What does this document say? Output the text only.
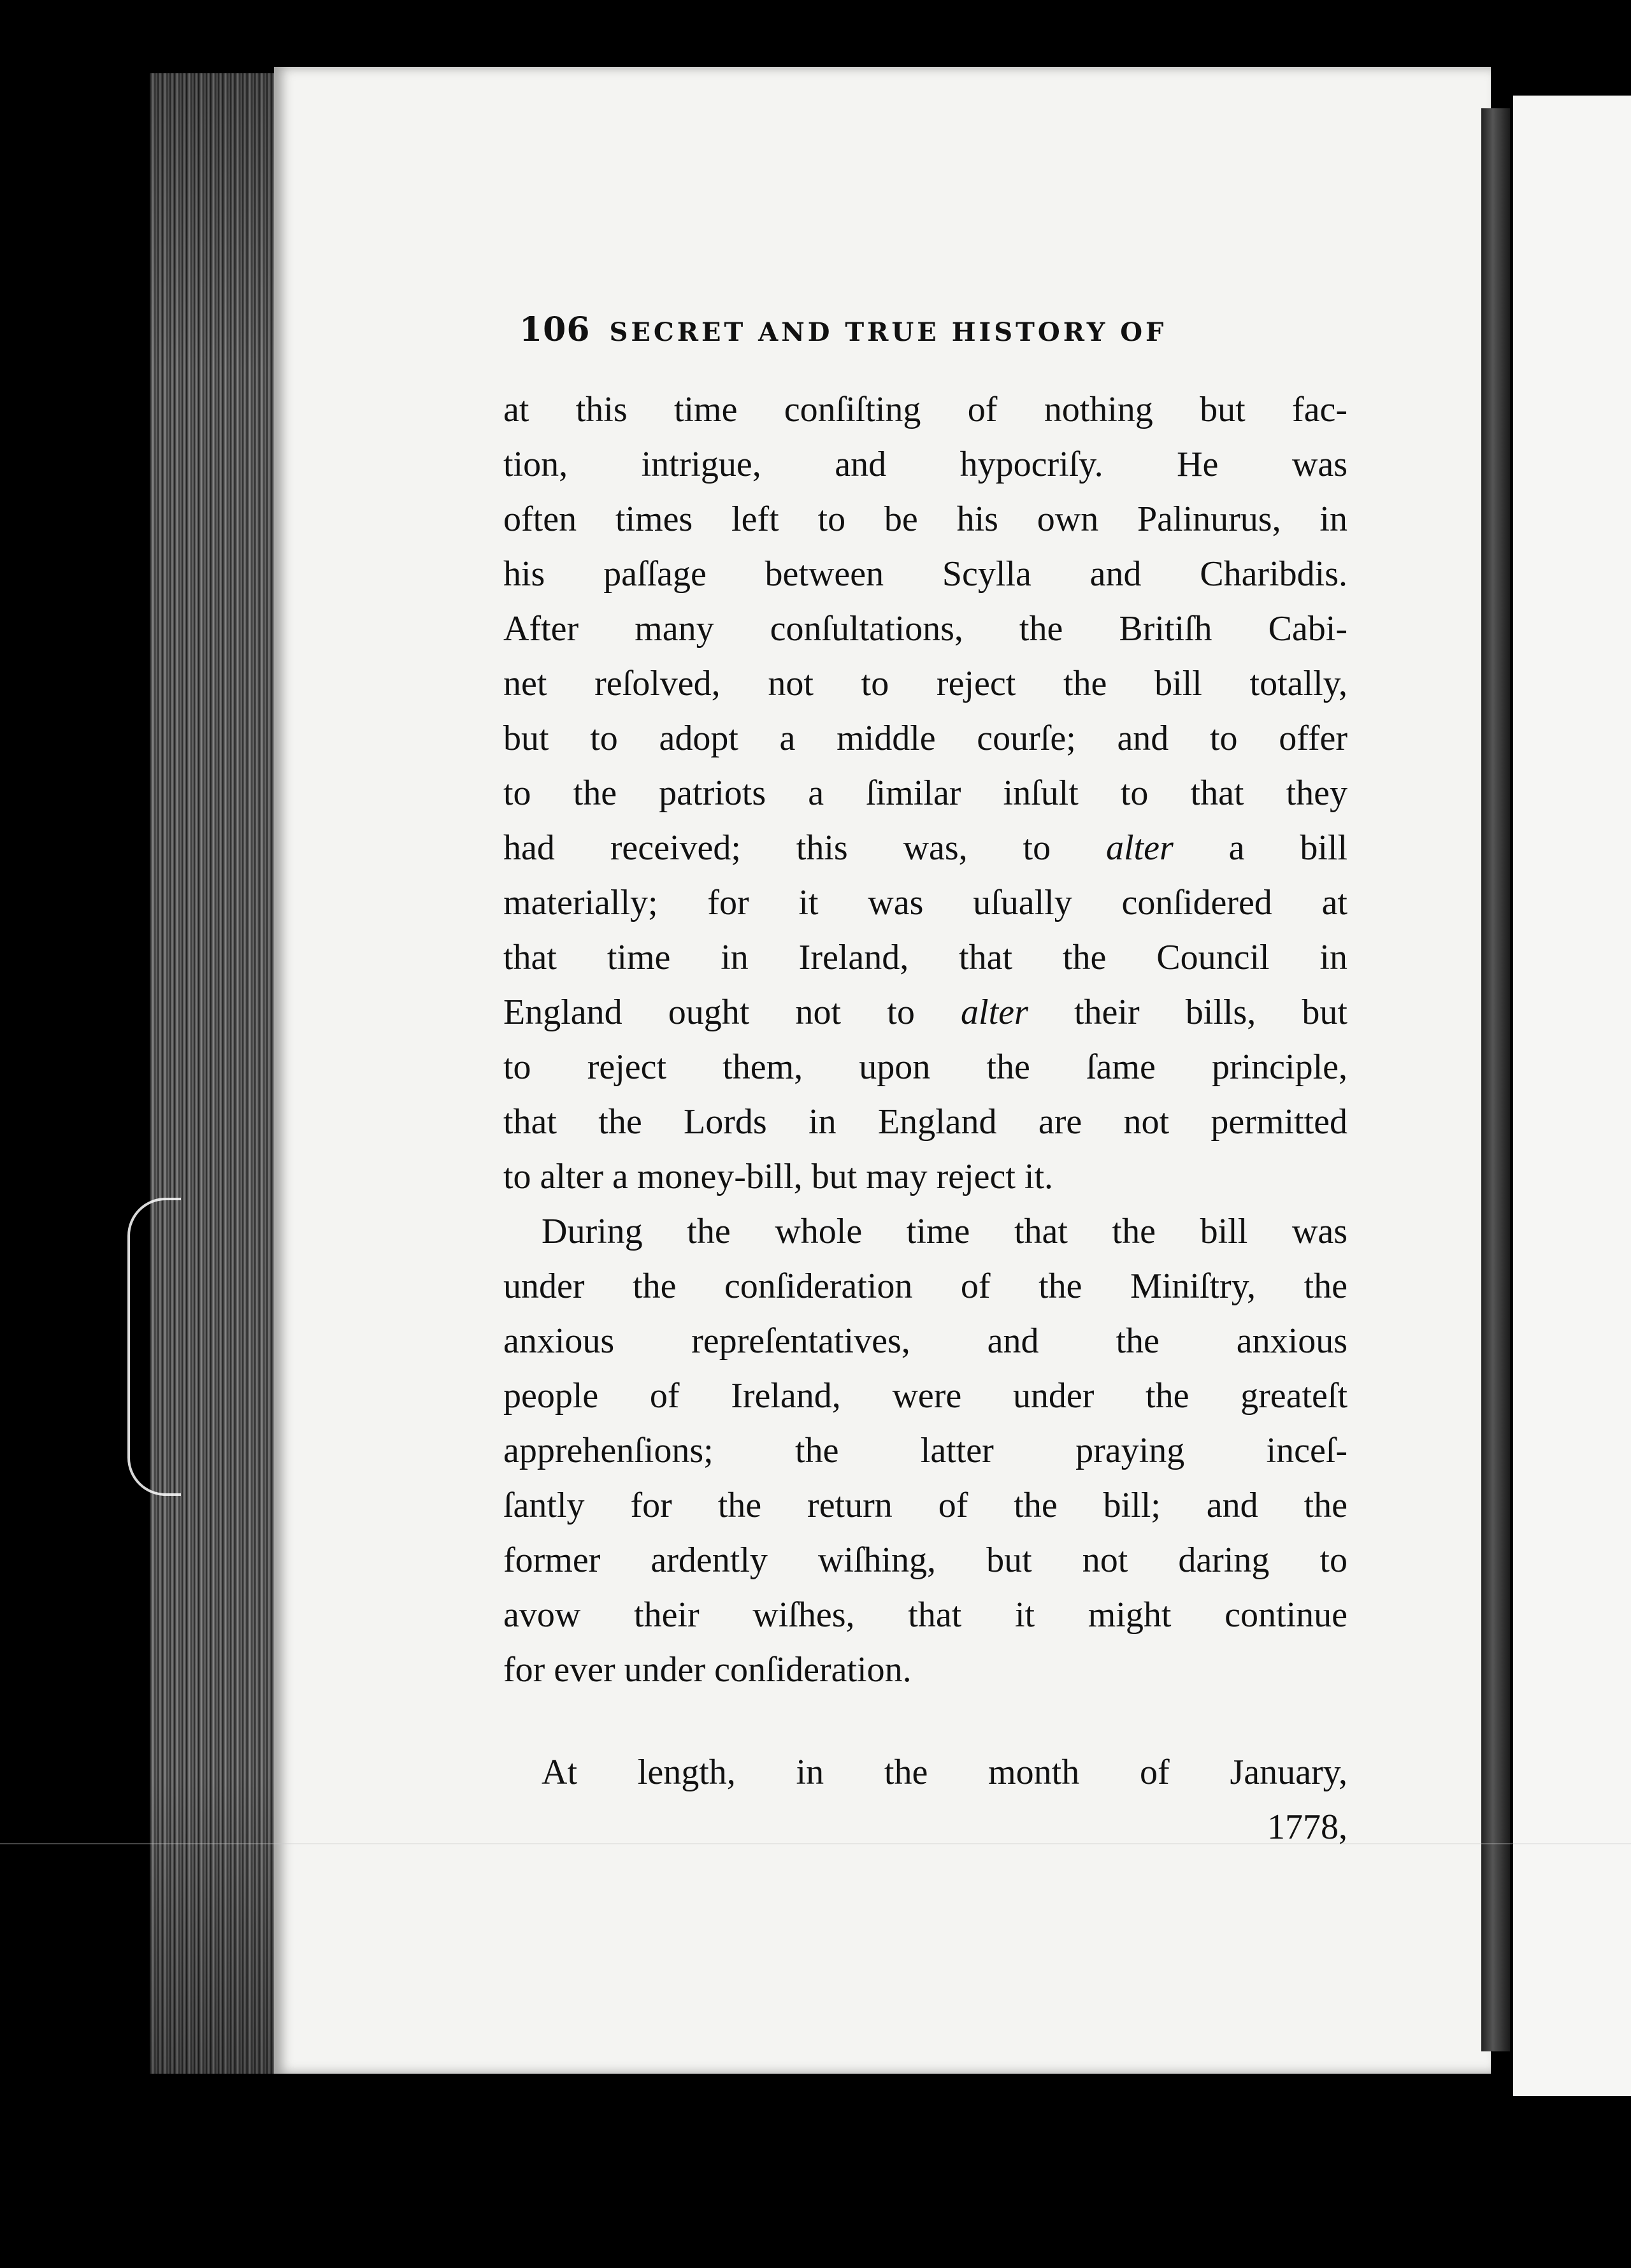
106 SECRET AND TRUE HISTORY OF
at this time conſiſting of nothing but fac-
tion, intrigue, and hypocriſy. He was
often times left to be his own Palinurus, in
his paſſage between Scylla and Charibdis.
After many conſultations, the Britiſh Cabi-
net reſolved, not to reject the bill totally,
but to adopt a middle courſe; and to offer
to the patriots a ſimilar inſult to that they
had received; this was, to alter a bill
materially; for it was uſually conſidered at
that time in Ireland, that the Council in
England ought not to alter their bills, but
to reject them, upon the ſame principle,
that the Lords in England are not permitted
to alter a money-bill, but may reject it.
During the whole time that the bill was
under the conſideration of the Miniſtry, the
anxious repreſentatives, and the anxious
people of Ireland, were under the greateſt
apprehenſions; the latter praying inceſ-
ſantly for the return of the bill; and the
former ardently wiſhing, but not daring to
avow their wiſhes, that it might continue
for ever under conſideration.
At length, in the month of January,
1778,
